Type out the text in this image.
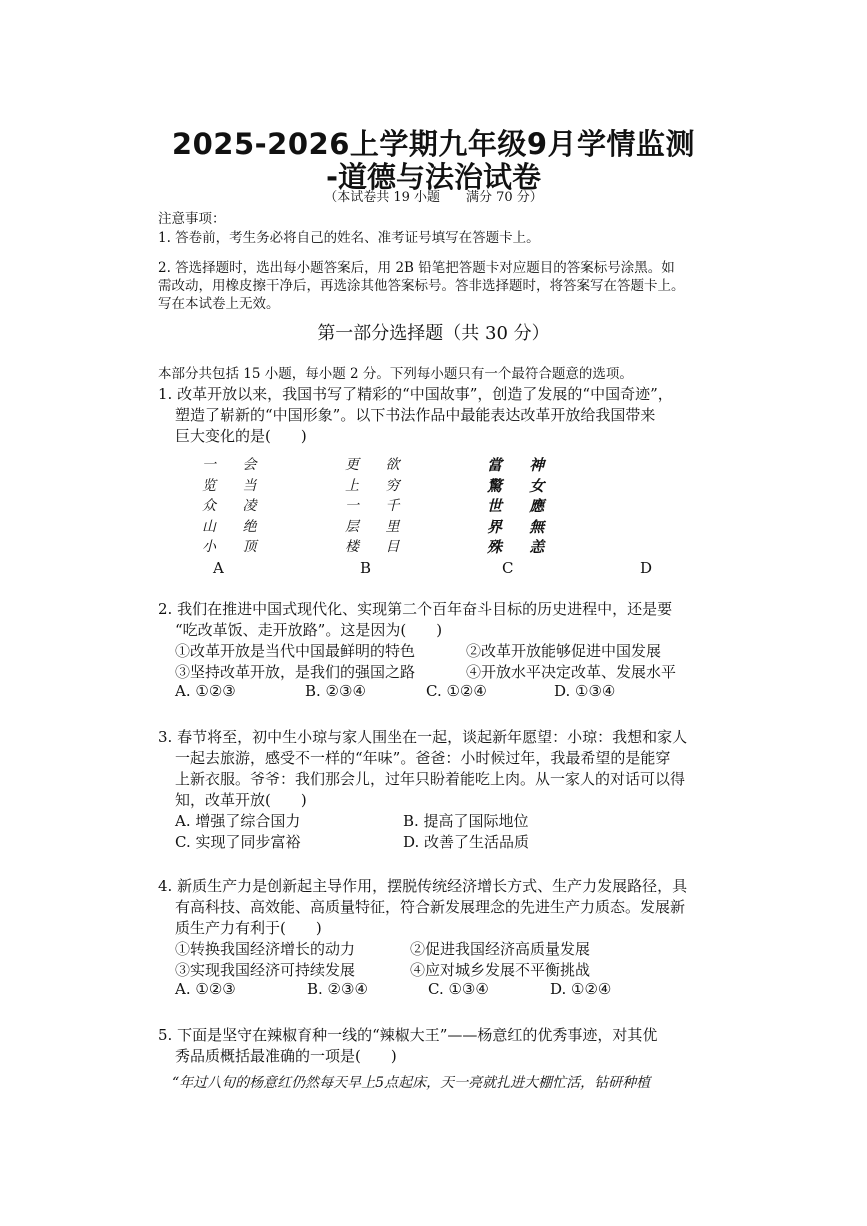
2025-2026上学期九年级9月学情监测
-道德与法治试卷
（本试卷共 19 小题　　满分 70 分）
注意事项：
1. 答卷前，考生务必将自己的姓名、准考证号填写在答题卡上。
2. 答选择题时，选出每小题答案后，用 2B 铅笔把答题卡对应题目的答案标号涂黑。如
需改动，用橡皮擦干净后，再选涂其他答案标号。答非选择题时，将答案写在答题卡上。
写在本试卷上无效。
第一部分选择题（共 30 分）
本部分共包括 15 小题，每小题 2 分。下列每小题只有一个最符合题意的选项。
1. 改革开放以来，我国书写了精彩的“中国故事”，创造了发展的“中国奇迹”，
塑造了崭新的“中国形象”。以下书法作品中最能表达改革开放给我国带来
巨大变化的是(　　)
一 会
览 当
众 凌
山 绝
小 顶
更 欲
上 穷
一 千
层 里
楼 目
當 神
驚 女
世 應
界 無
殊 恙
A	B	C	D
2. 我们在推进中国式现代化、实现第二个百年奋斗目标的历史进程中，还是要
“吃改革饭、走开放路”。这是因为(　　)
①改革开放是当代中国最鲜明的特色	②改革开放能够促进中国发展
③坚持改革开放，是我们的强国之路	④开放水平决定改革、发展水平
A. ①②③	B. ②③④	C. ①②④	D. ①③④
3. 春节将至，初中生小琼与家人围坐在一起，谈起新年愿望：小琼：我想和家人
一起去旅游，感受不一样的“年味”。爸爸：小时候过年，我最希望的是能穿
上新衣服。爷爷：我们那会儿，过年只盼着能吃上肉。从一家人的对话可以得
知，改革开放(　　)
A. 增强了综合国力	B. 提高了国际地位
C. 实现了同步富裕	D. 改善了生活品质
4. 新质生产力是创新起主导作用，摆脱传统经济增长方式、生产力发展路径，具
有高科技、高效能、高质量特征，符合新发展理念的先进生产力质态。发展新
质生产力有利于(　　)
①转换我国经济增长的动力	②促进我国经济高质量发展
③实现我国经济可持续发展	④应对城乡发展不平衡挑战
A. ①②③	B. ②③④	C. ①③④	D. ①②④
5. 下面是坚守在辣椒育种一线的“辣椒大王”——杨意红的优秀事迹，对其优
秀品质概括最准确的一项是(　　)
“年过八旬的杨意红仍然每天早上5点起床，天一亮就扎进大棚忙活，钻研种植
